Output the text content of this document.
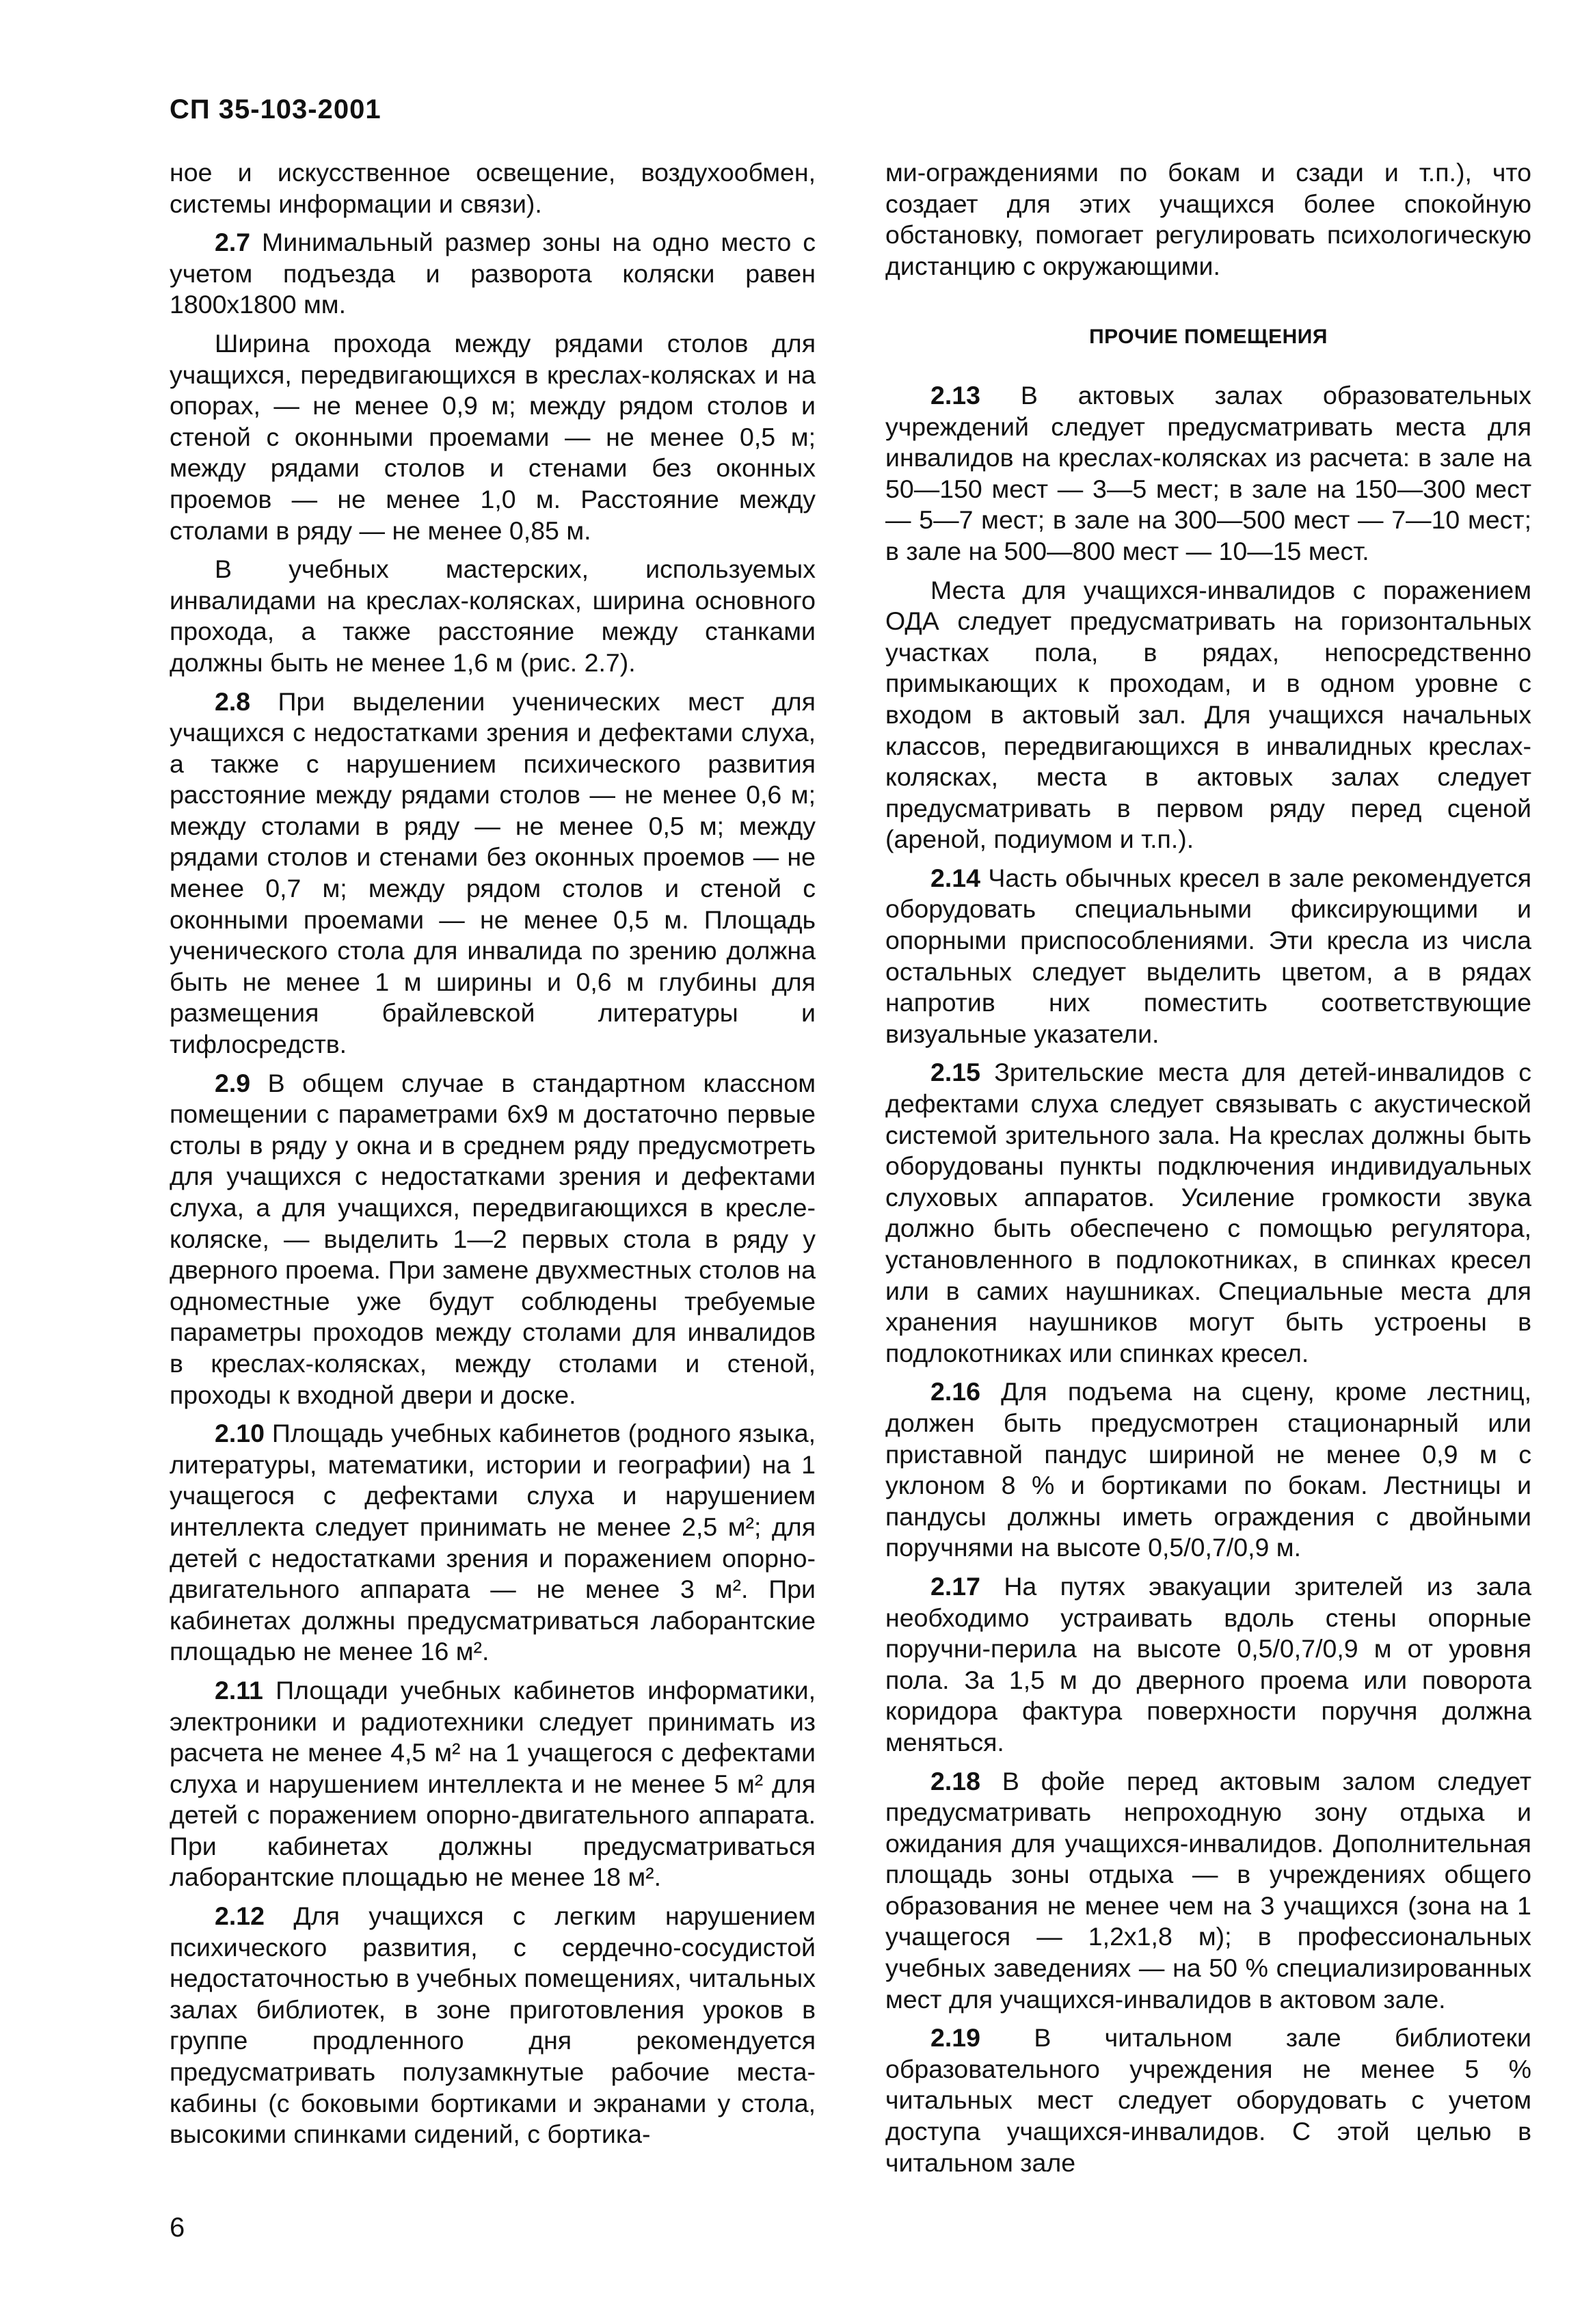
СП 35-103-2001

ное и искусственное освещение, воздухообмен, системы информации и связи).

2.7 Минимальный размер зоны на одно место с учетом подъезда и разворота коляски равен 1800х1800 мм.

Ширина прохода между рядами столов для учащихся, передвигающихся в креслах-колясках и на опорах, — не менее 0,9 м; между рядом столов и стеной с оконными проемами — не менее 0,5 м; между рядами столов и стенами без оконных проемов — не менее 1,0 м. Расстояние между столами в ряду — не менее 0,85 м.

В учебных мастерских, используемых инвалидами на креслах-колясках, ширина основного прохода, а также расстояние между станками должны быть не менее 1,6 м (рис. 2.7).

2.8 При выделении ученических мест для учащихся с недостатками зрения и дефектами слуха, а также с нарушением психического развития расстояние между рядами столов — не менее 0,6 м; между столами в ряду — не менее 0,5 м; между рядами столов и стенами без оконных проемов — не менее 0,7 м; между рядом столов и стеной с оконными проемами — не менее 0,5 м. Площадь ученического стола для инвалида по зрению должна быть не менее 1 м ширины и 0,6 м глубины для размещения брайлевской литературы и тифлосредств.

2.9 В общем случае в стандартном классном помещении с параметрами 6х9 м достаточно первые столы в ряду у окна и в среднем ряду предусмотреть для учащихся с недостатками зрения и дефектами слуха, а для учащихся, передвигающихся в кресле-коляске, — выделить 1—2 первых стола в ряду у дверного проема. При замене двухместных столов на одноместные уже будут соблюдены требуемые параметры проходов между столами для инвалидов в креслах-колясках, между столами и стеной, проходы к входной двери и доске.

2.10 Площадь учебных кабинетов (родного языка, литературы, математики, истории и географии) на 1 учащегося с дефектами слуха и нарушением интеллекта следует принимать не менее 2,5 м²; для детей с недостатками зрения и поражением опорно-двигательного аппарата — не менее 3 м². При кабинетах должны предусматриваться лаборантские площадью не менее 16 м².

2.11 Площади учебных кабинетов информатики, электроники и радиотехники следует принимать из расчета не менее 4,5 м² на 1 учащегося с дефектами слуха и нарушением интеллекта и не менее 5 м² для детей с поражением опорно-двигательного аппарата. При кабинетах должны предусматриваться лаборантские площадью не менее 18 м².

2.12 Для учащихся с легким нарушением психического развития, с сердечно-сосудистой недостаточностью в учебных помещениях, читальных залах библиотек, в зоне приготовления уроков в группе продленного дня рекомендуется предусматривать полузамкнутые рабочие места-кабины (с боковыми бортиками и экранами у стола, высокими спинками сидений, с бортика-

ми-ограждениями по бокам и сзади и т.п.), что создает для этих учащихся более спокойную обстановку, помогает регулировать психологическую дистанцию с окружающими.

ПРОЧИЕ ПОМЕЩЕНИЯ

2.13 В актовых залах образовательных учреждений следует предусматривать места для инвалидов на креслах-колясках из расчета: в зале на 50—150 мест — 3—5 мест; в зале на 150—300 мест — 5—7 мест; в зале на 300—500 мест — 7—10 мест; в зале на 500—800 мест — 10—15 мест.

Места для учащихся-инвалидов с поражением ОДА следует предусматривать на горизонтальных участках пола, в рядах, непосредственно примыкающих к проходам, и в одном уровне с входом в актовый зал. Для учащихся начальных классов, передвигающихся в инвалидных креслах-колясках, места в актовых залах следует предусматривать в первом ряду перед сценой (ареной, подиумом и т.п.).

2.14 Часть обычных кресел в зале рекомендуется оборудовать специальными фиксирующими и опорными приспособлениями. Эти кресла из числа остальных следует выделить цветом, а в рядах напротив них поместить соответствующие визуальные указатели.

2.15 Зрительские места для детей-инвалидов с дефектами слуха следует связывать с акустической системой зрительного зала. На креслах должны быть оборудованы пункты подключения индивидуальных слуховых аппаратов. Усиление громкости звука должно быть обеспечено с помощью регулятора, установленного в подлокотниках, в спинках кресел или в самих наушниках. Специальные места для хранения наушников могут быть устроены в подлокотниках или спинках кресел.

2.16 Для подъема на сцену, кроме лестниц, должен быть предусмотрен стационарный или приставной пандус шириной не менее 0,9 м с уклоном 8 % и бортиками по бокам. Лестницы и пандусы должны иметь ограждения с двойными поручнями на высоте 0,5/0,7/0,9 м.

2.17 На путях эвакуации зрителей из зала необходимо устраивать вдоль стены опорные поручни-перила на высоте 0,5/0,7/0,9 м от уровня пола. За 1,5 м до дверного проема или поворота коридора фактура поверхности поручня должна меняться.

2.18 В фойе перед актовым залом следует предусматривать непроходную зону отдыха и ожидания для учащихся-инвалидов. Дополнительная площадь зоны отдыха — в учреждениях общего образования не менее чем на 3 учащихся (зона на 1 учащегося — 1,2х1,8 м); в профессиональных учебных заведениях — на 50 % специализированных мест для учащихся-инвалидов в актовом зале.

2.19 В читальном зале библиотеки образовательного учреждения не менее 5 % читальных мест следует оборудовать с учетом доступа учащихся-инвалидов. С этой целью в читальном зале

6
